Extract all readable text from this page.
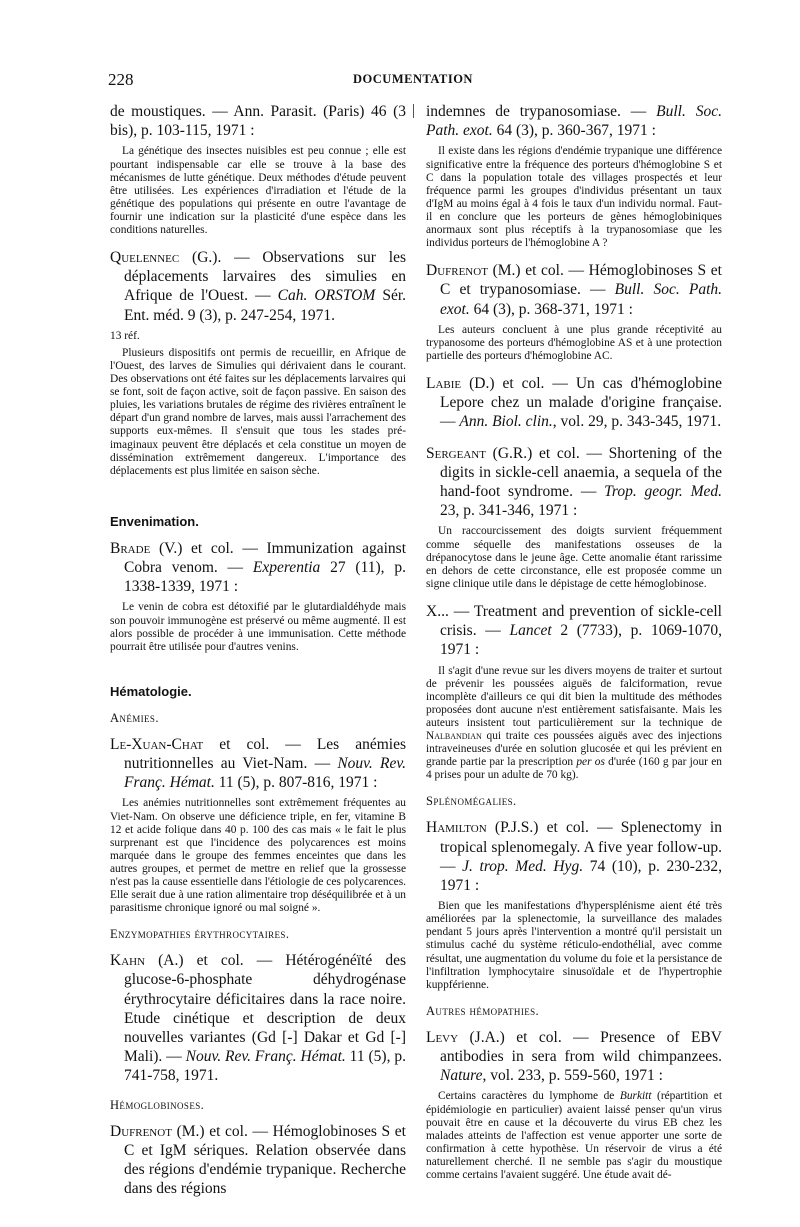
228	DOCUMENTATION

de moustiques. — Ann. Parasit. (Paris) 46 (3 bis), p. 103-115, 1971 :

La génétique des insectes nuisibles est peu connue ; elle est pourtant indispensable car elle se trouve à la base des mécanismes de lutte génétique. Deux méthodes d'étude peuvent être utilisées. Les expériences d'irradiation et l'étude de la génétique des populations qui présente en outre l'avantage de fournir une indication sur la plasticité d'une espèce dans les conditions naturelles.

Quelennec (G.). — Observations sur les déplacements larvaires des simulies en Afrique de l'Ouest. — Cah. ORSTOM Sér. Ent. méd. 9 (3), p. 247-254, 1971.

13 réf.

Plusieurs dispositifs ont permis de recueillir, en Afrique de l'Ouest, des larves de Simulies qui dérivaient dans le courant. Des observations ont été faites sur les déplacements larvaires qui se font, soit de façon active, soit de façon passive. En saison des pluies, les variations brutales de régime des rivières entraînent le départ d'un grand nombre de larves, mais aussi l'arrachement des supports eux-mêmes. Il s'ensuit que tous les stades pré-imaginaux peuvent être déplacés et cela constitue un moyen de dissémination extrêmement dangereux. L'importance des déplacements est plus limitée en saison sèche.

Envenimation.

Brade (V.) et col. — Immunization against Cobra venom. — Experentia 27 (11), p. 1338-1339, 1971 :

Le venin de cobra est détoxifié par le glutardialdéhyde mais son pouvoir immunogène est préservé ou même augmenté. Il est alors possible de procéder à une immunisation. Cette méthode pourrait être utilisée pour d'autres venins.

Hématologie.
Anémies.

Le-Xuan-Chat et col. — Les anémies nutritionnelles au Viet-Nam. — Nouv. Rev. Franç. Hémat. 11 (5), p. 807-816, 1971 :

Les anémies nutritionnelles sont extrêmement fréquentes au Viet-Nam. On observe une déficience triple, en fer, vitamine B 12 et acide folique dans 40 p. 100 des cas mais « le fait le plus surprenant est que l'incidence des polycarences est moins marquée dans le groupe des femmes enceintes que dans les autres groupes, et permet de mettre en relief que la grossesse n'est pas la cause essentielle dans l'étiologie de ces polycarences. Elle serait due à une ration alimentaire trop déséquilibrée et à un parasitisme chronique ignoré ou mal soigné ».

Enzymopathies érythrocytaires.

Kahn (A.) et col. — Hétérogénéïté des glucose-6-phosphate déhydrogénase érythrocytaire déficitaires dans la race noire. Etude cinétique et description de deux nouvelles variantes (Gd [-] Dakar et Gd [-] Mali). — Nouv. Rev. Franç. Hémat. 11 (5), p. 741-758, 1971.

Hémoglobinoses.

Dufrenot (M.) et col. — Hémoglobinoses S et C et IgM sériques. Relation observée dans des régions d'endémie trypanique. Recherche dans des régions

indemnes de trypanosomiase. — Bull. Soc. Path. exot. 64 (3), p. 360-367, 1971 :

Il existe dans les régions d'endémie trypanique une différence significative entre la fréquence des porteurs d'hémoglobine S et C dans la population totale des villages prospectés et leur fréquence parmi les groupes d'individus présentant un taux d'IgM au moins égal à 4 fois le taux d'un individu normal. Faut-il en conclure que les porteurs de gènes hémoglobiniques anormaux sont plus réceptifs à la trypanosomiase que les individus porteurs de l'hémoglobine A ?

Dufrenot (M.) et col. — Hémoglobinoses S et C et trypanosomiase. — Bull. Soc. Path. exot. 64 (3), p. 368-371, 1971 :

Les auteurs concluent à une plus grande réceptivité au trypanosome des porteurs d'hémoglobine AS et à une protection partielle des porteurs d'hémoglobine AC.

Labie (D.) et col. — Un cas d'hémoglobine Lepore chez un malade d'origine française. — Ann. Biol. clin., vol. 29, p. 343-345, 1971.

Sergeant (G.R.) et col. — Shortening of the digits in sickle-cell anaemia, a sequela of the hand-foot syndrome. — Trop. geogr. Med. 23, p. 341-346, 1971 :

Un raccourcissement des doigts survient fréquemment comme séquelle des manifestations osseuses de la drépanocytose dans le jeune âge. Cette anomalie étant rarissime en dehors de cette circonstance, elle est proposée comme un signe clinique utile dans le dépistage de cette hémoglobinose.

X... — Treatment and prevention of sickle-cell crisis. — Lancet 2 (7733), p. 1069-1070, 1971 :

Il s'agit d'une revue sur les divers moyens de traiter et surtout de prévenir les poussées aiguës de falciformation, revue incomplète d'ailleurs ce qui dit bien la multitude des méthodes proposées dont aucune n'est entièrement satisfaisante. Mais les auteurs insistent tout particulièrement sur la technique de Nalbandian qui traite ces poussées aiguës avec des injections intraveineuses d'urée en solution glucosée et qui les prévient en grande partie par la prescription per os d'urée (160 g par jour en 4 prises pour un adulte de 70 kg).

Splénomégalies.

Hamilton (P.J.S.) et col. — Splenectomy in tropical splenomegaly. A five year follow-up. — J. trop. Med. Hyg. 74 (10), p. 230-232, 1971 :

Bien que les manifestations d'hypersplénisme aient été très améliorées par la splenectomie, la surveillance des malades pendant 5 jours après l'intervention a montré qu'il persistait un stimulus caché du système réticulo-endothélial, avec comme résultat, une augmentation du volume du foie et la persistance de l'infiltration lymphocytaire sinusoïdale et de l'hypertrophie kuppférienne.

Autres hémopathies.

Levy (J.A.) et col. — Presence of EBV antibodies in sera from wild chimpanzees. Nature, vol. 233, p. 559-560, 1971 :

Certains caractères du lymphome de Burkitt (répartition et épidémiologie en particulier) avaient laissé penser qu'un virus pouvait être en cause et la découverte du virus EB chez les malades atteints de l'affection est venue apporter une sorte de confirmation à cette hypothèse. Un réservoir de virus a été naturellement cherché. Il ne semble pas s'agir du moustique comme certains l'avaient suggéré. Une étude avait dé-
